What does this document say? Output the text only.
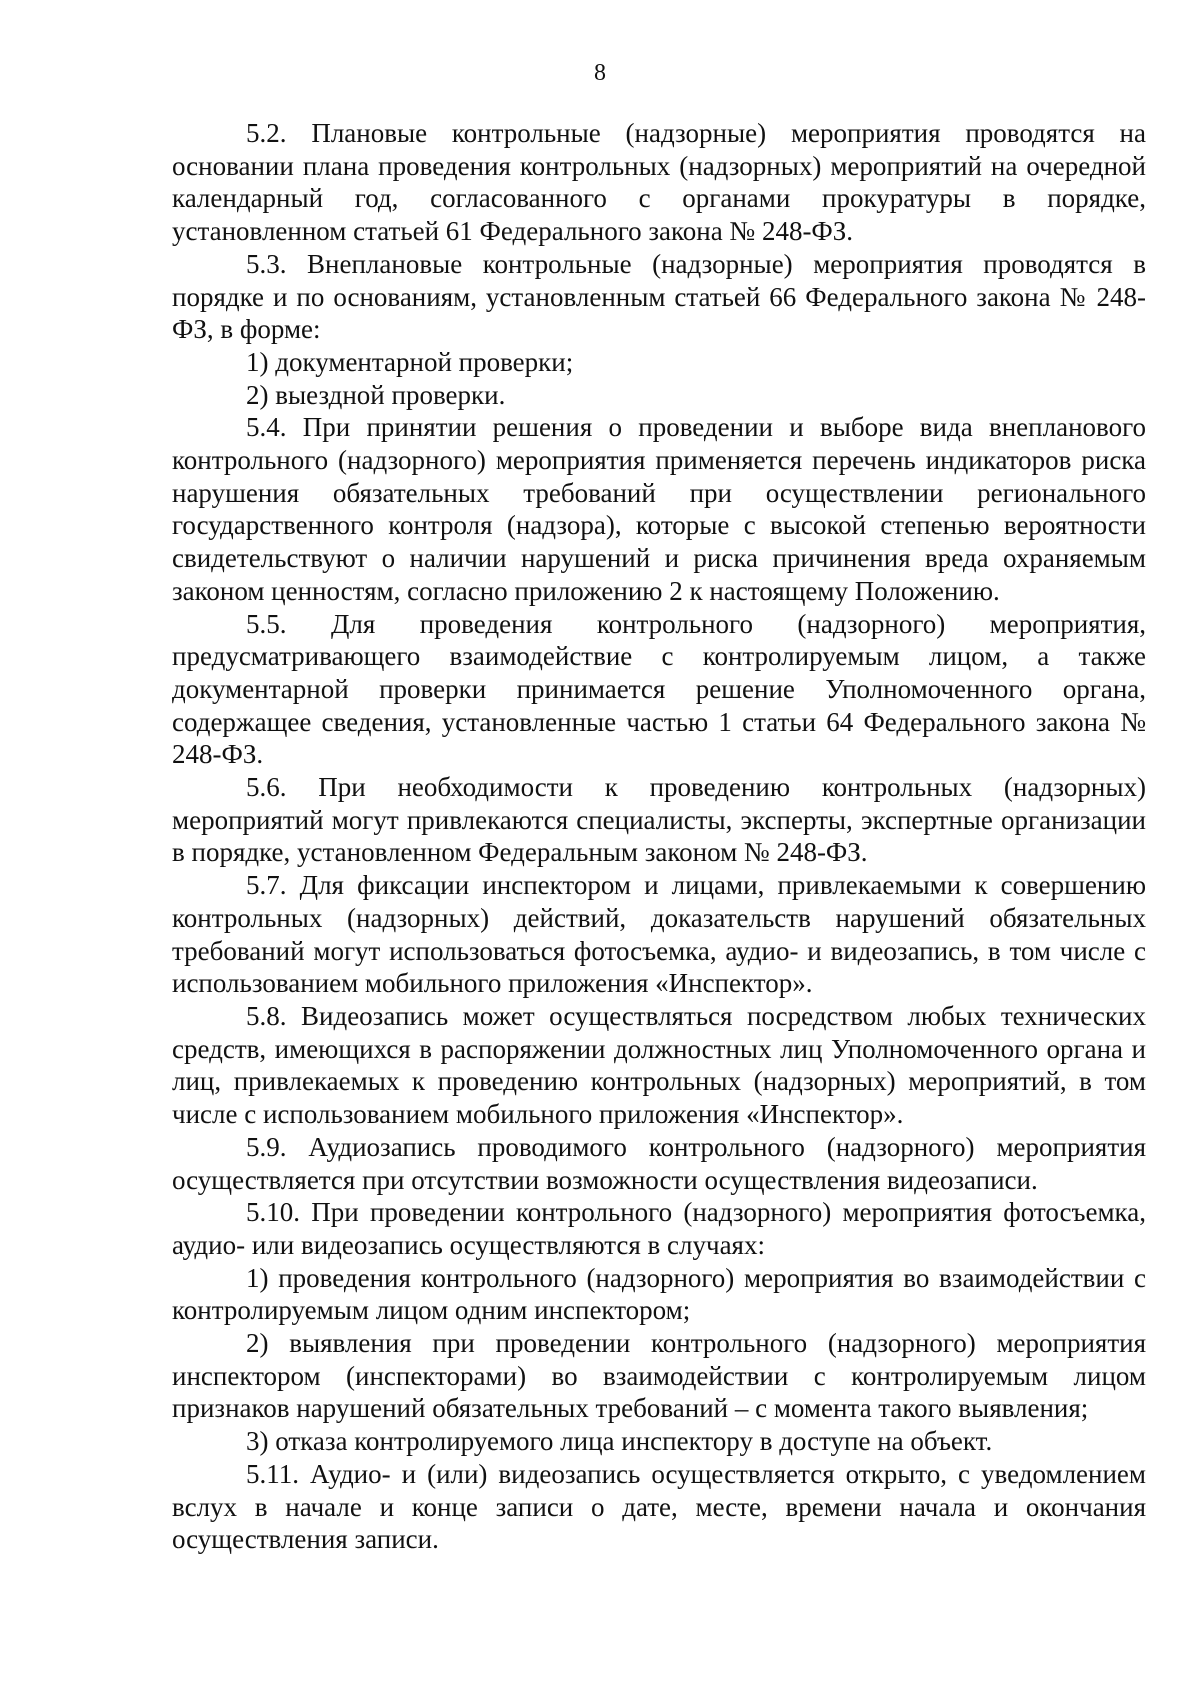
8

5.2. Плановые контрольные (надзорные) мероприятия проводятся на основании плана проведения контрольных (надзорных) мероприятий на очередной календарный год, согласованного с органами прокуратуры в порядке, установленном статьей 61 Федерального закона № 248-ФЗ.

5.3. Внеплановые контрольные (надзорные) мероприятия проводятся в порядке и по основаниям, установленным статьей 66 Федерального закона № 248-ФЗ, в форме:

1) документарной проверки;

2) выездной проверки.

5.4. При принятии решения о проведении и выборе вида внепланового контрольного (надзорного) мероприятия применяется перечень индикаторов риска нарушения обязательных требований при осуществлении регионального государственного контроля (надзора), которые с высокой степенью вероятности свидетельствуют о наличии нарушений и риска причинения вреда охраняемым законом ценностям, согласно приложению 2 к настоящему Положению.

5.5. Для проведения контрольного (надзорного) мероприятия, предусматривающего взаимодействие с контролируемым лицом, а также документарной проверки принимается решение Уполномоченного органа, содержащее сведения, установленные частью 1 статьи 64 Федерального закона № 248-ФЗ.

5.6. При необходимости к проведению контрольных (надзорных) мероприятий могут привлекаются специалисты, эксперты, экспертные организации в порядке, установленном Федеральным законом № 248-ФЗ.

5.7. Для фиксации инспектором и лицами, привлекаемыми к совершению контрольных (надзорных) действий, доказательств нарушений обязательных требований могут использоваться фотосъемка, аудио- и видеозапись, в том числе с использованием мобильного приложения «Инспектор».

5.8. Видеозапись может осуществляться посредством любых технических средств, имеющихся в распоряжении должностных лиц Уполномоченного органа и лиц, привлекаемых к проведению контрольных (надзорных) мероприятий, в том числе с использованием мобильного приложения «Инспектор».

5.9. Аудиозапись проводимого контрольного (надзорного) мероприятия осуществляется при отсутствии возможности осуществления видеозаписи.

5.10. При проведении контрольного (надзорного) мероприятия фотосъемка, аудио- или видеозапись осуществляются в случаях:

1) проведения контрольного (надзорного) мероприятия во взаимодействии с контролируемым лицом одним инспектором;

2) выявления при проведении контрольного (надзорного) мероприятия инспектором (инспекторами) во взаимодействии с контролируемым лицом признаков нарушений обязательных требований – с момента такого выявления;

3) отказа контролируемого лица инспектору в доступе на объект.

5.11. Аудио- и (или) видеозапись осуществляется открыто, с уведомлением вслух в начале и конце записи о дате, месте, времени начала и окончания осуществления записи.
